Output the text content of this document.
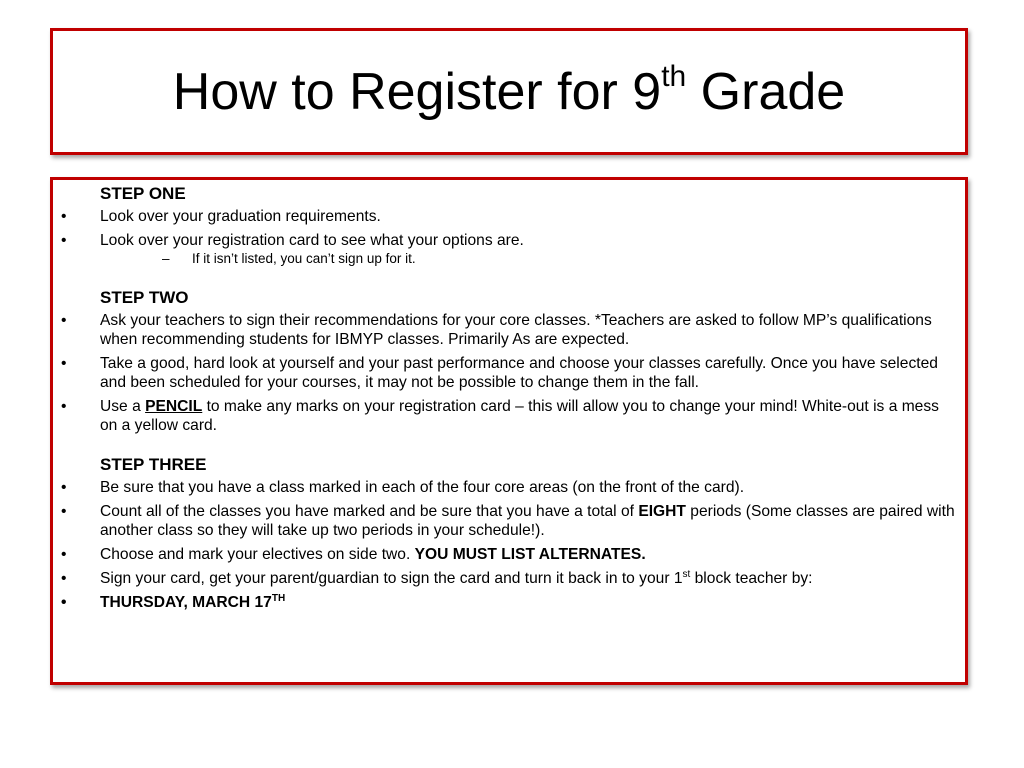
How to Register for 9th Grade
STEP ONE
• Look over your graduation requirements.
• Look over your registration card to see what your options are.
– If it isn’t listed, you can’t sign up for it.
STEP TWO
• Ask your teachers to sign their recommendations for your core classes. *Teachers are asked to follow MP’s qualifications when recommending students for IBMYP classes. Primarily As are expected.
• Take a good, hard look at yourself and your past performance and choose your classes carefully. Once you have selected and been scheduled for your courses, it may not be possible to change them in the fall.
• Use a PENCIL to make any marks on your registration card – this will allow you to change your mind! White-out is a mess on a yellow card.
STEP THREE
• Be sure that you have a class marked in each of the four core areas (on the front of the card).
• Count all of the classes you have marked and be sure that you have a total of EIGHT periods (Some classes are paired with another class so they will take up two periods in your schedule!).
• Choose and mark your electives on side two. YOU MUST LIST ALTERNATES.
• Sign your card, get your parent/guardian to sign the card and turn it back in to your 1st block teacher by:
• THURSDAY, MARCH 17TH
